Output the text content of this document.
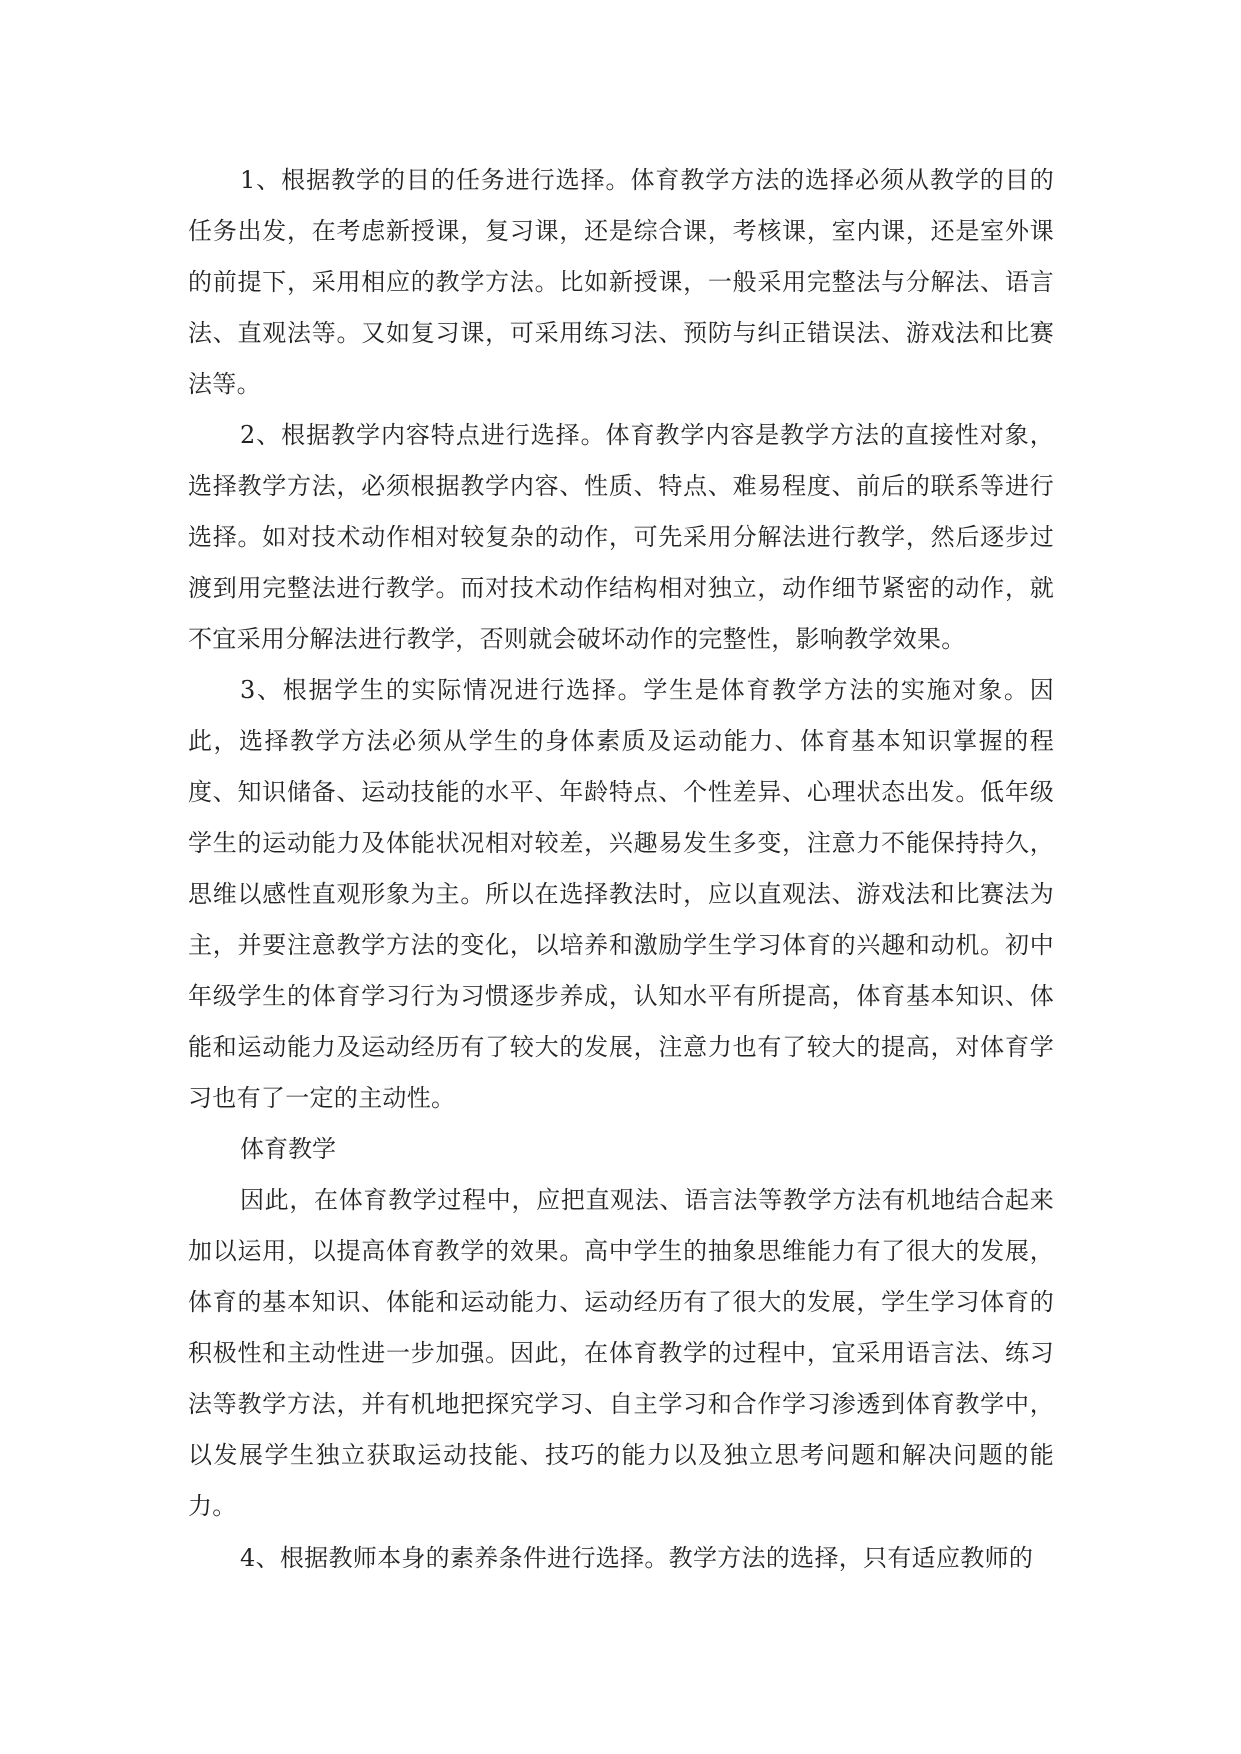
1、根据教学的目的任务进行选择。体育教学方法的选择必须从教学的目的任务出发，在考虑新授课，复习课，还是综合课，考核课，室内课，还是室外课的前提下，采用相应的教学方法。比如新授课，一般采用完整法与分解法、语言法、直观法等。又如复习课，可采用练习法、预防与纠正错误法、游戏法和比赛法等。

2、根据教学内容特点进行选择。体育教学内容是教学方法的直接性对象，选择教学方法，必须根据教学内容、性质、特点、难易程度、前后的联系等进行选择。如对技术动作相对较复杂的动作，可先采用分解法进行教学，然后逐步过渡到用完整法进行教学。而对技术动作结构相对独立，动作细节紧密的动作，就不宜采用分解法进行教学，否则就会破坏动作的完整性，影响教学效果。

3、根据学生的实际情况进行选择。学生是体育教学方法的实施对象。因此，选择教学方法必须从学生的身体素质及运动能力、体育基本知识掌握的程度、知识储备、运动技能的水平、年龄特点、个性差异、心理状态出发。低年级学生的运动能力及体能状况相对较差，兴趣易发生多变，注意力不能保持持久，思维以感性直观形象为主。所以在选择教法时，应以直观法、游戏法和比赛法为主，并要注意教学方法的变化，以培养和激励学生学习体育的兴趣和动机。初中年级学生的体育学习行为习惯逐步养成，认知水平有所提高，体育基本知识、体能和运动能力及运动经历有了较大的发展，注意力也有了较大的提高，对体育学习也有了一定的主动性。

体育教学

因此，在体育教学过程中，应把直观法、语言法等教学方法有机地结合起来加以运用，以提高体育教学的效果。高中学生的抽象思维能力有了很大的发展，体育的基本知识、体能和运动能力、运动经历有了很大的发展，学生学习体育的积极性和主动性进一步加强。因此，在体育教学的过程中，宜采用语言法、练习法等教学方法，并有机地把探究学习、自主学习和合作学习渗透到体育教学中，以发展学生独立获取运动技能、技巧的能力以及独立思考问题和解决问题的能力。

4、根据教师本身的素养条件进行选择。教学方法的选择，只有适应教师的
